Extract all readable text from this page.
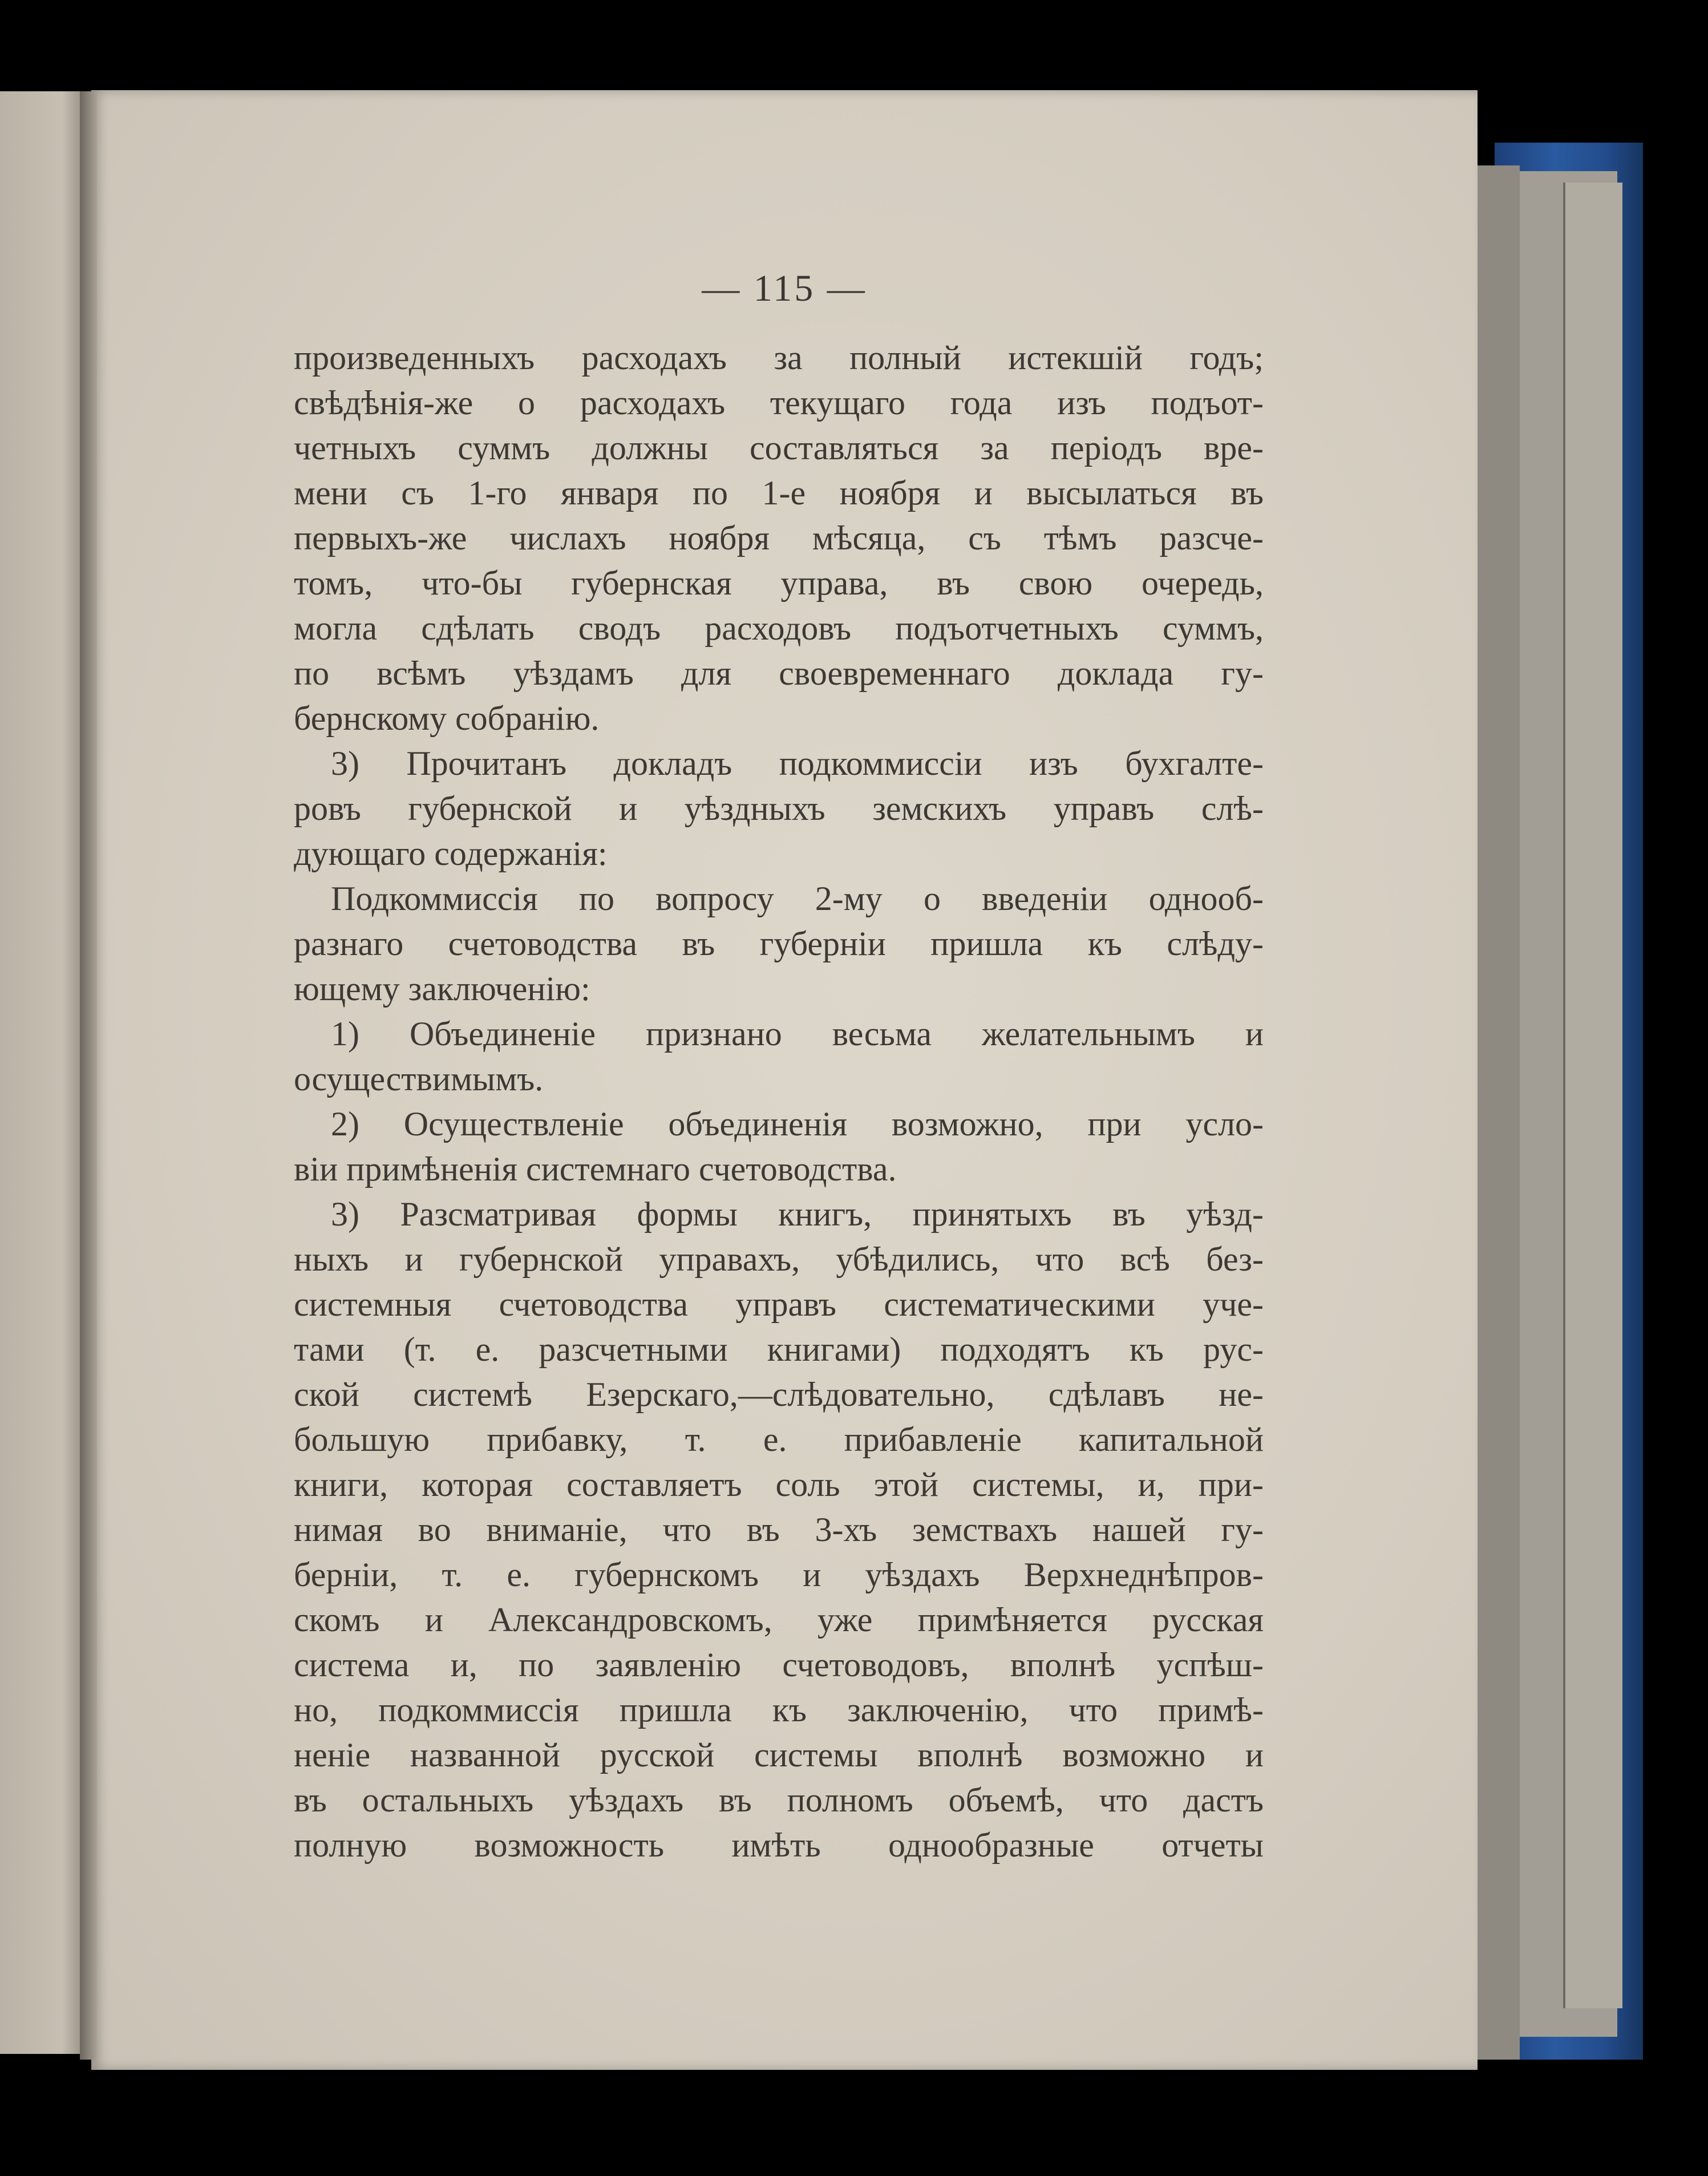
— 115 —
произведенныхъ расходахъ за полный истекшій годъ;
свѣдѣнія-же о расходахъ текущаго года изъ подъот-
четныхъ суммъ должны составляться за періодъ вре-
мени съ 1-го января по 1-е ноября и высылаться въ
первыхъ-же числахъ ноября мѣсяца, съ тѣмъ разсче-
томъ, что-бы губернская управа, въ свою очередь,
могла сдѣлать сводъ расходовъ подъотчетныхъ суммъ,
по всѣмъ уѣздамъ для своевременнаго доклада гу-
бернскому собранію.
3) Прочитанъ докладъ подкоммиссіи изъ бухгалте-
ровъ губернской и уѣздныхъ земскихъ управъ слѣ-
дующаго содержанія:
Подкоммиссія по вопросу 2-му о введеніи однооб-
разнаго счетоводства въ губерніи пришла къ слѣду-
ющему заключенію:
1) Объединеніе признано весьма желательнымъ и
осуществимымъ.
2) Осуществленіе объединенія возможно, при усло-
віи примѣненія системнаго счетоводства.
3) Разсматривая формы книгъ, принятыхъ въ уѣзд-
ныхъ и губернской управахъ, убѣдились, что всѣ без-
системныя счетоводства управъ систематическими уче-
тами (т. е. разсчетными книгами) подходятъ къ рус-
ской системѣ Езерскаго,—слѣдовательно, сдѣлавъ не-
большую прибавку, т. е. прибавленіе капитальной
книги, которая составляетъ соль этой системы, и, при-
нимая во вниманіе, что въ 3-хъ земствахъ нашей гу-
берніи, т. е. губернскомъ и уѣздахъ Верхнеднѣпров-
скомъ и Александровскомъ, уже примѣняется русская
система и, по заявленію счетоводовъ, вполнѣ успѣш-
но, подкоммиссія пришла къ заключенію, что примѣ-
неніе названной русской системы вполнѣ возможно и
въ остальныхъ уѣздахъ въ полномъ объемѣ, что дастъ
полную возможность имѣть однообразные отчеты
